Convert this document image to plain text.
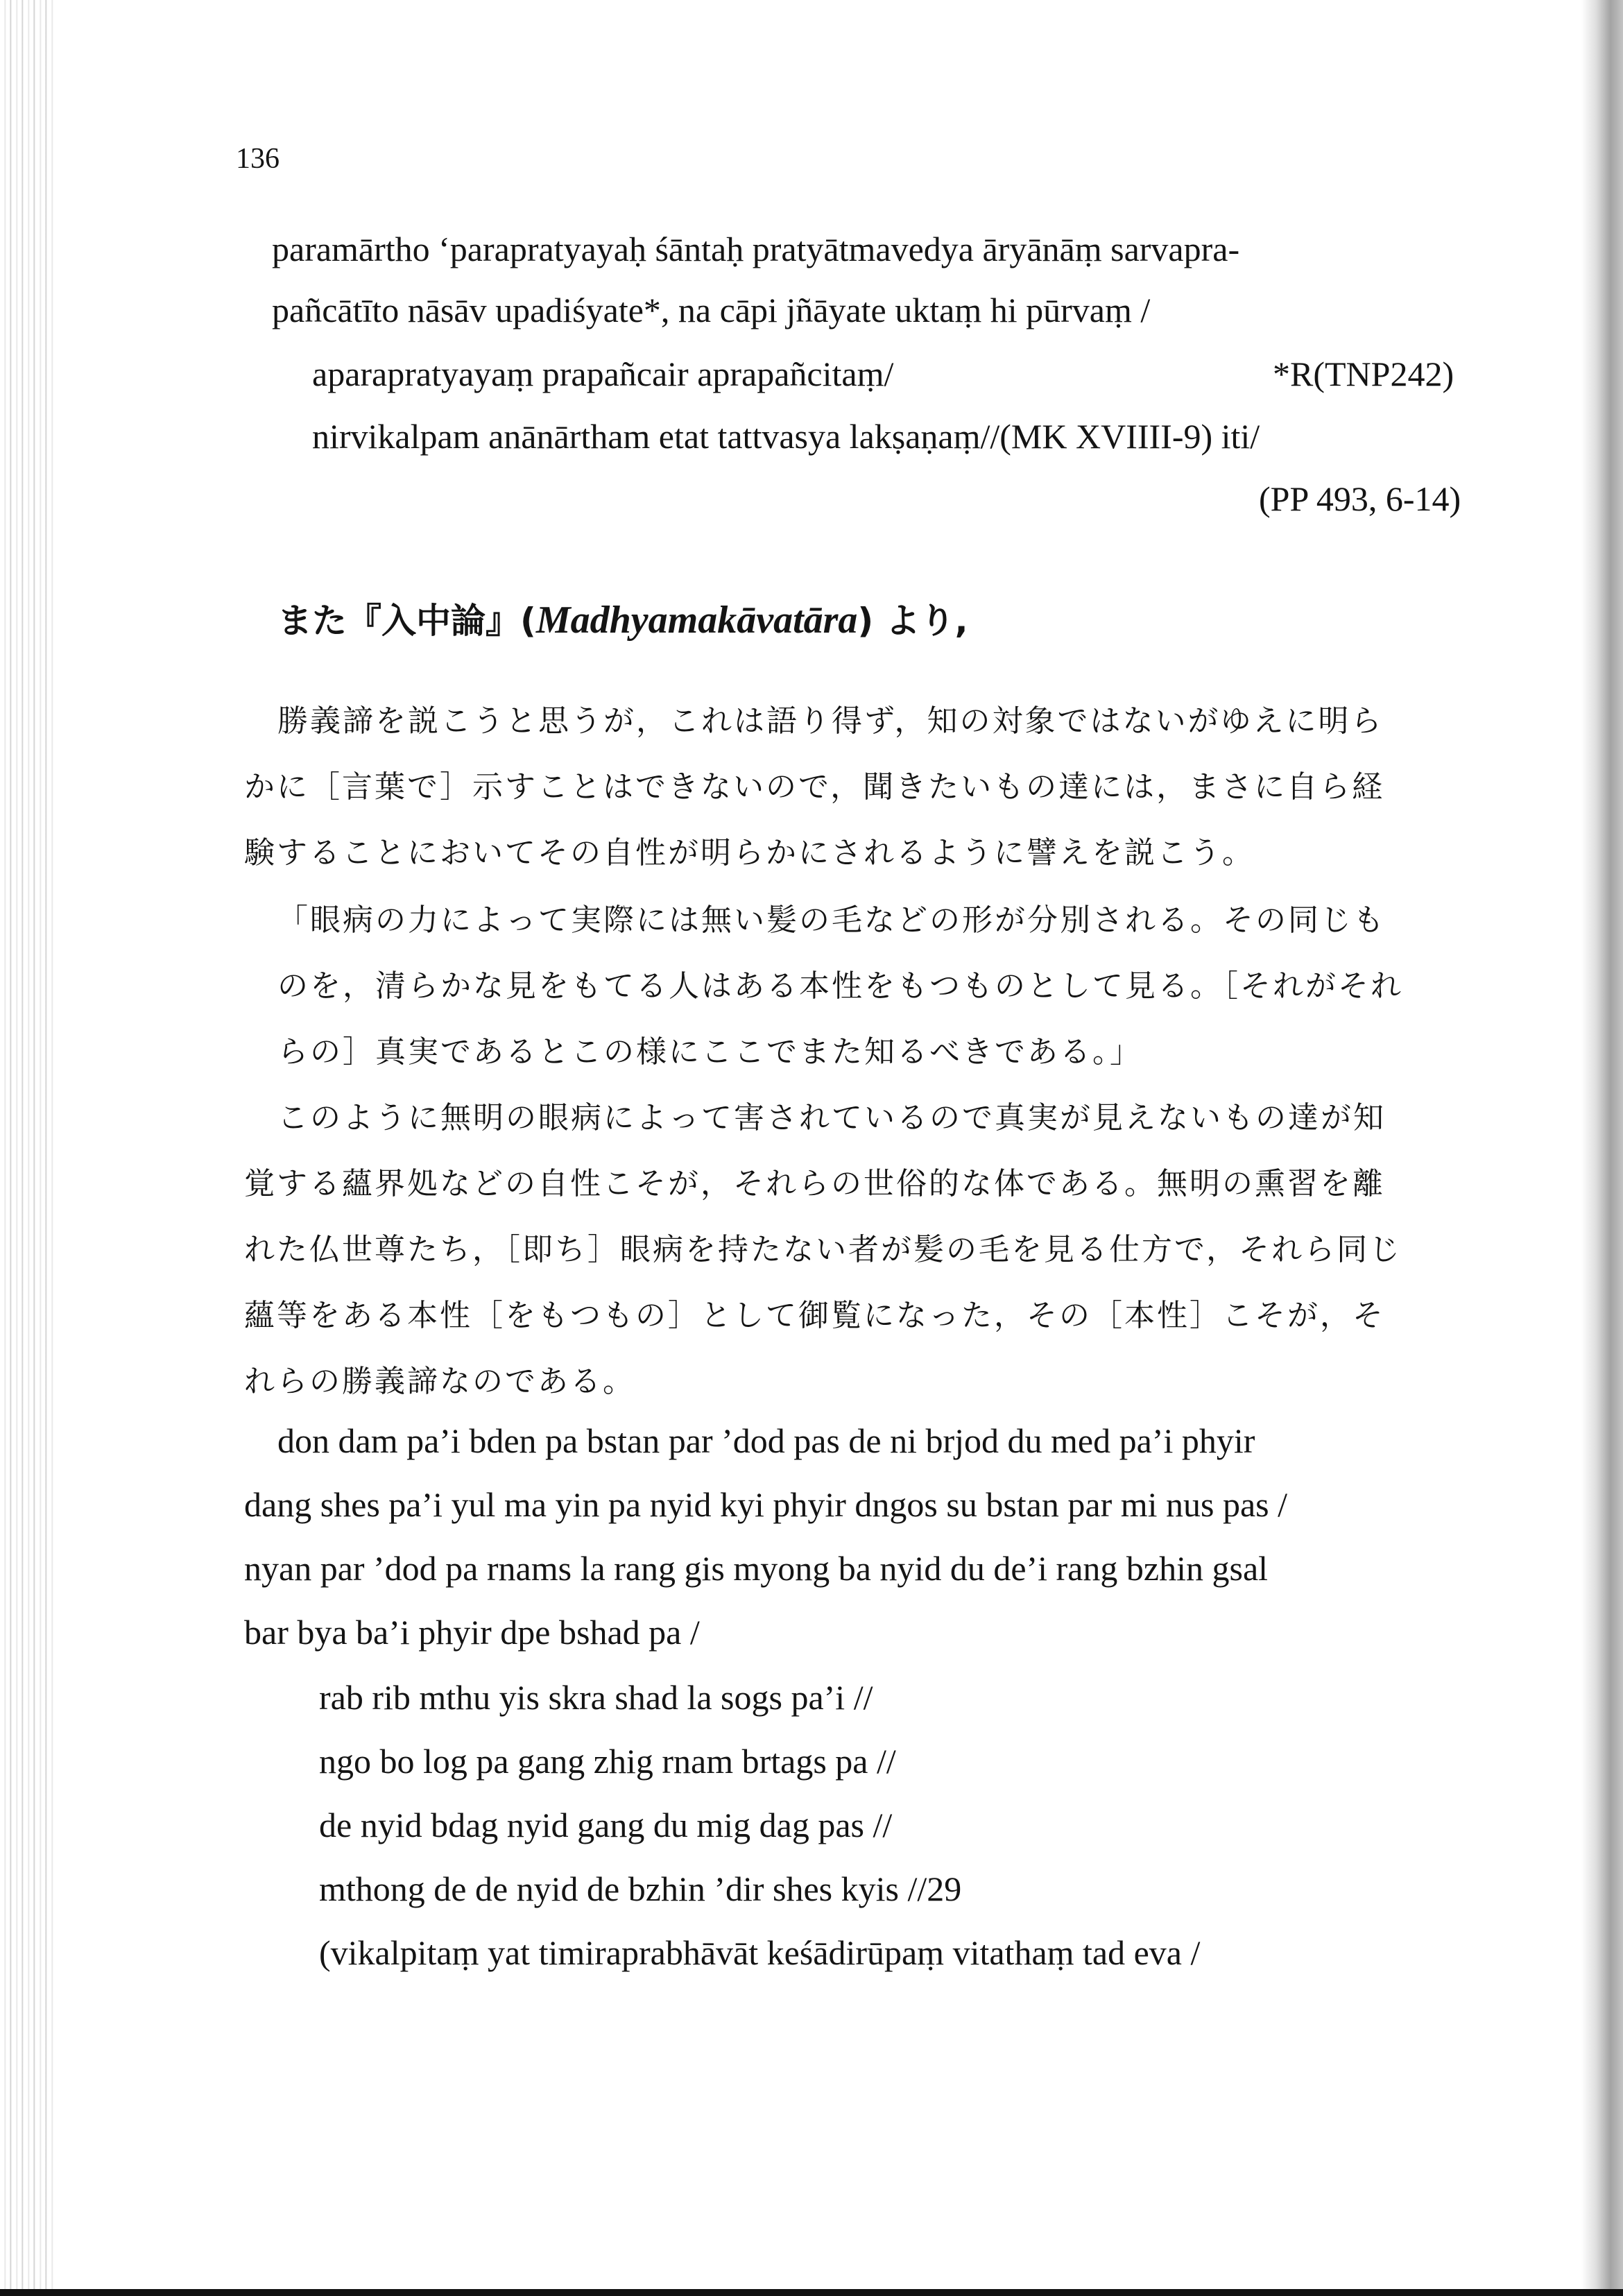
136
paramārtho ʻparapratyayaḥ śāntaḥ pratyātmavedya āryānāṃ sarvapra-
pañcātīto nāsāv upadiśyate*, na cāpi jñāyate uktaṃ hi pūrvaṃ /
aparapratyayaṃ prapañcair aprapañcitaṃ/	*R(TNP242)
nirvikalpam anānārtham etat tattvasya lakṣaṇaṃ//(MK XVIIII-9) iti/
(PP 493, 6-14)
また『入中論』(Madhyamakāvatāra) より,
勝義諦を説こうと思うが，これは語り得ず，知の対象ではないがゆえに明ら
かに［言葉で］示すことはできないので，聞きたいもの達には，まさに自ら経
験することにおいてその自性が明らかにされるように譬えを説こう。
「眼病の力によって実際には無い髪の毛などの形が分別される。その同じも
のを，清らかな見をもてる人はある本性をもつものとして見る。［それがそれ
らの］真実であるとこの様にここでまた知るべきである。」
このように無明の眼病によって害されているので真実が見えないもの達が知
覚する蘊界処などの自性こそが，それらの世俗的な体である。無明の熏習を離
れた仏世尊たち，［即ち］眼病を持たない者が髪の毛を見る仕方で，それら同じ
蘊等をある本性［をもつもの］として御覧になった，その［本性］こそが，そ
れらの勝義諦なのである。
don dam pa’i bden pa bstan par ’dod pas de ni brjod du med pa’i phyir
dang shes pa’i yul ma yin pa nyid kyi phyir dngos su bstan par mi nus pas /
nyan par ’dod pa rnams la rang gis myong ba nyid du de’i rang bzhin gsal
bar bya ba’i phyir dpe bshad pa /
rab rib mthu yis skra shad la sogs pa’i //
ngo bo log pa gang zhig rnam brtags pa //
de nyid bdag nyid gang du mig dag pas //
mthong de de nyid de bzhin ’dir shes kyis //29
(vikalpitaṃ yat timiraprabhāvāt keśādirūpaṃ vitathaṃ tad eva /
